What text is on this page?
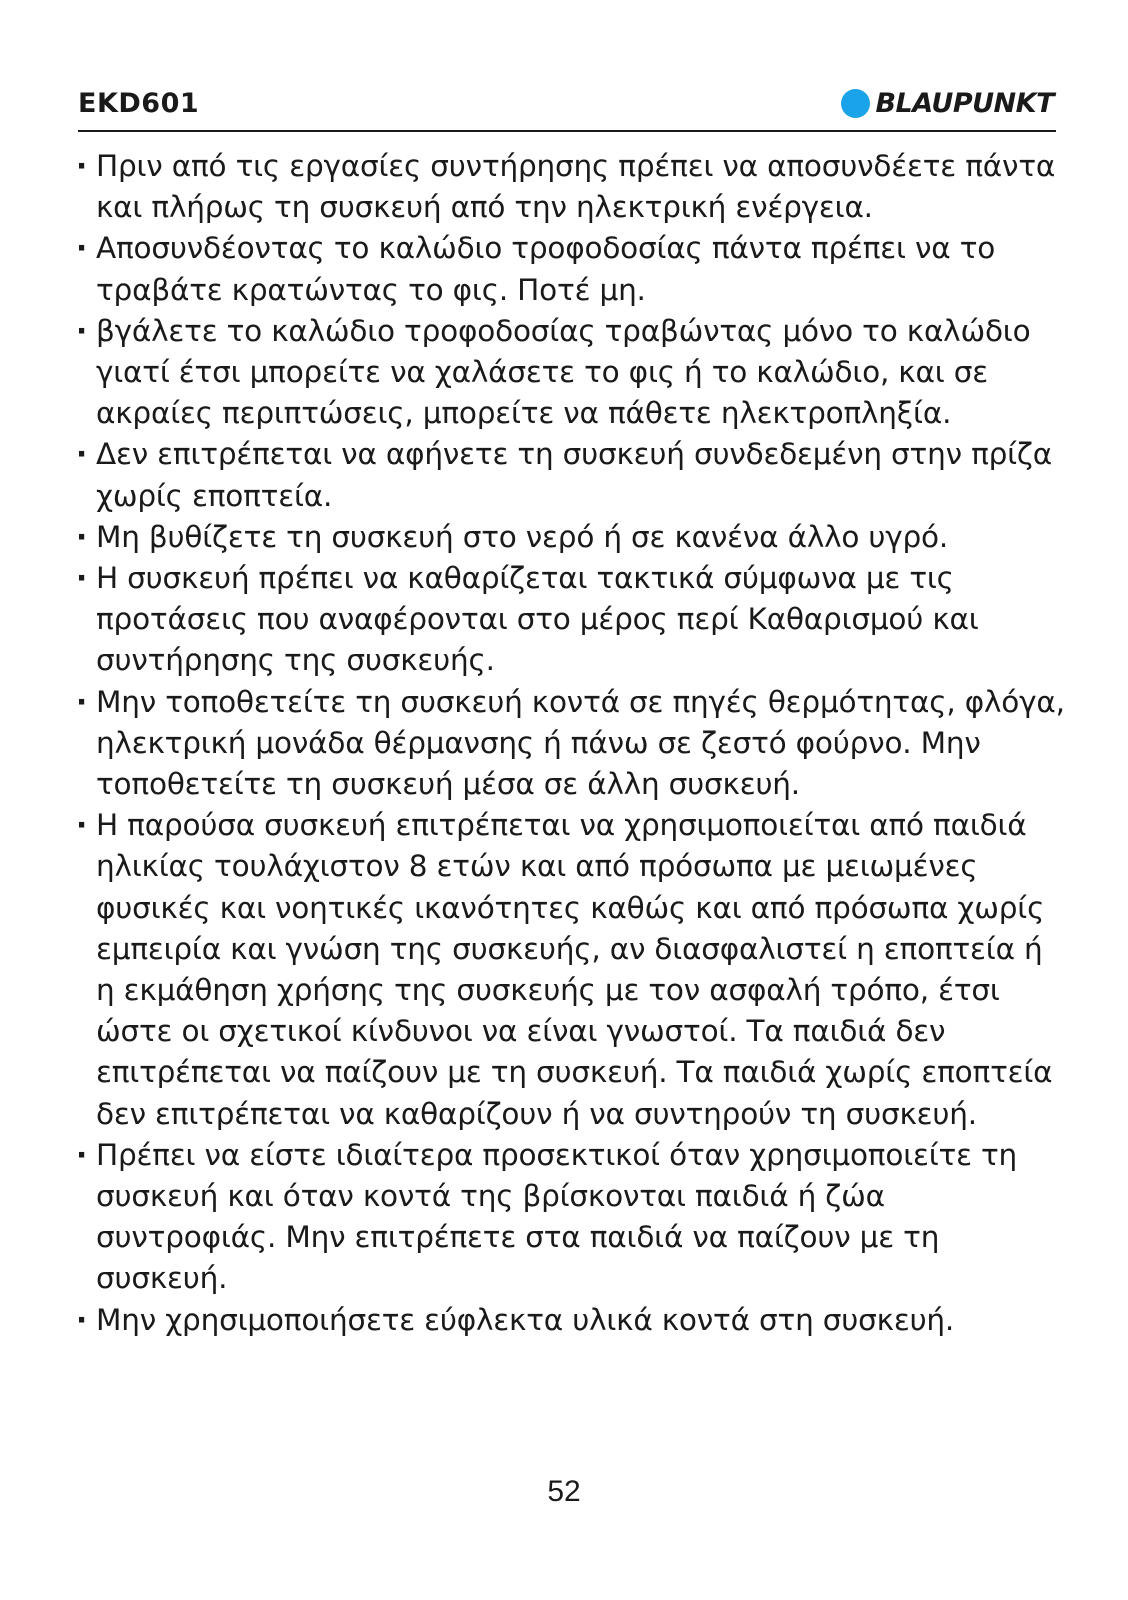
EKD601	BLAUPUNKT
· Πριν από τις εργασίες συντήρησης πρέπει να αποσυνδέετε πάντα και πλήρως τη συσκευή από την ηλεκτρική ενέργεια.
· Αποσυνδέοντας το καλώδιο τροφοδοσίας πάντα πρέπει να το τραβάτε κρατώντας το φις. Ποτέ μη.
· βγάλετε το καλώδιο τροφοδοσίας τραβώντας μόνο το καλώδιο γιατί έτσι μπορείτε να χαλάσετε το φις ή το καλώδιο, και σε ακραίες περιπτώσεις, μπορείτε να πάθετε ηλεκτροπληξία.
· Δεν επιτρέπεται να αφήνετε τη συσκευή συνδεδεμένη στην πρίζα χωρίς εποπτεία.
· Μη βυθίζετε τη συσκευή στο νερό ή σε κανένα άλλο υγρό.
· Η συσκευή πρέπει να καθαρίζεται τακτικά σύμφωνα με τις προτάσεις που αναφέρονται στο μέρος περί Καθαρισμού και συντήρησης της συσκευής.
· Μην τοποθετείτε τη συσκευή κοντά σε πηγές θερμότητας, φλόγα, ηλεκτρική μονάδα θέρμανσης ή πάνω σε ζεστό φούρνο. Μην τοποθετείτε τη συσκευή μέσα σε άλλη συσκευή.
· Η παρούσα συσκευή επιτρέπεται να χρησιμοποιείται από παιδιά ηλικίας τουλάχιστον 8 ετών και από πρόσωπα με μειωμένες φυσικές και νοητικές ικανότητες καθώς και από πρόσωπα χωρίς εμπειρία και γνώση της συσκευής, αν διασφαλιστεί η εποπτεία ή η εκμάθηση χρήσης της συσκευής με τον ασφαλή τρόπο, έτσι ώστε οι σχετικοί κίνδυνοι να είναι γνωστοί. Τα παιδιά δεν επιτρέπεται να παίζουν με τη συσκευή. Τα παιδιά χωρίς εποπτεία δεν επιτρέπεται να καθαρίζουν ή να συντηρούν τη συσκευή.
· Πρέπει να είστε ιδιαίτερα προσεκτικοί όταν χρησιμοποιείτε τη συσκευή και όταν κοντά της βρίσκονται παιδιά ή ζώα συντροφιάς. Μην επιτρέπετε στα παιδιά να παίζουν με τη συσκευή.
· Μην χρησιμοποιήσετε εύφλεκτα υλικά κοντά στη συσκευή.
52
